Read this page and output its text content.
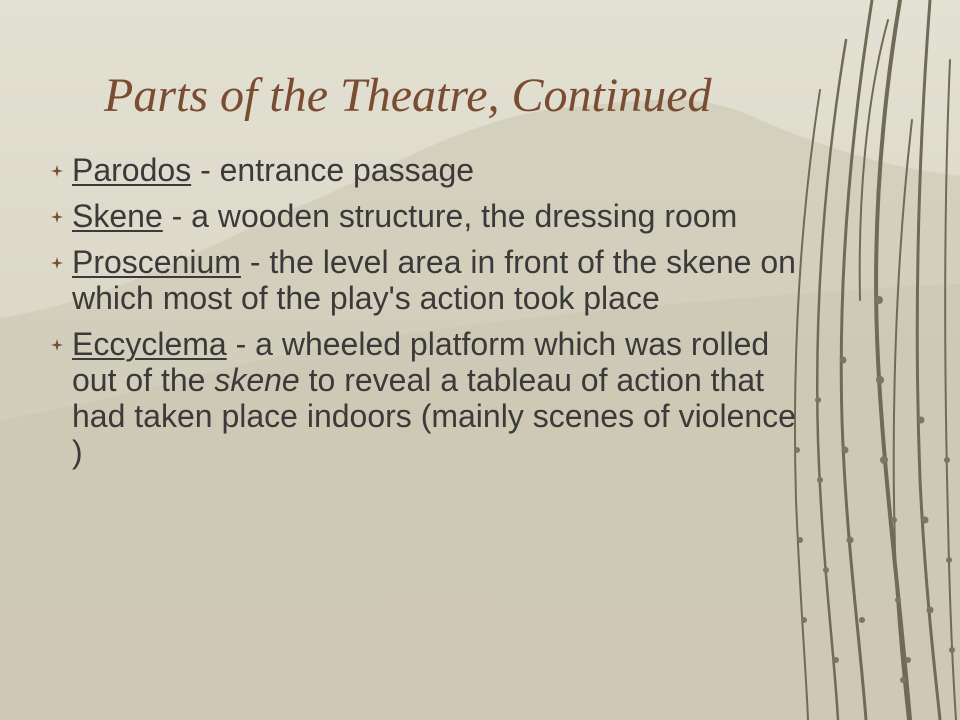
Parts of the Theatre, Continued
Parodos - entrance passage
Skene - a wooden structure, the dressing room
Proscenium - the level area in front of the skene on which most of the play's action took place
Eccyclema - a wheeled platform which was rolled out of the skene to reveal a tableau of action that had taken place indoors (mainly scenes of violence )
